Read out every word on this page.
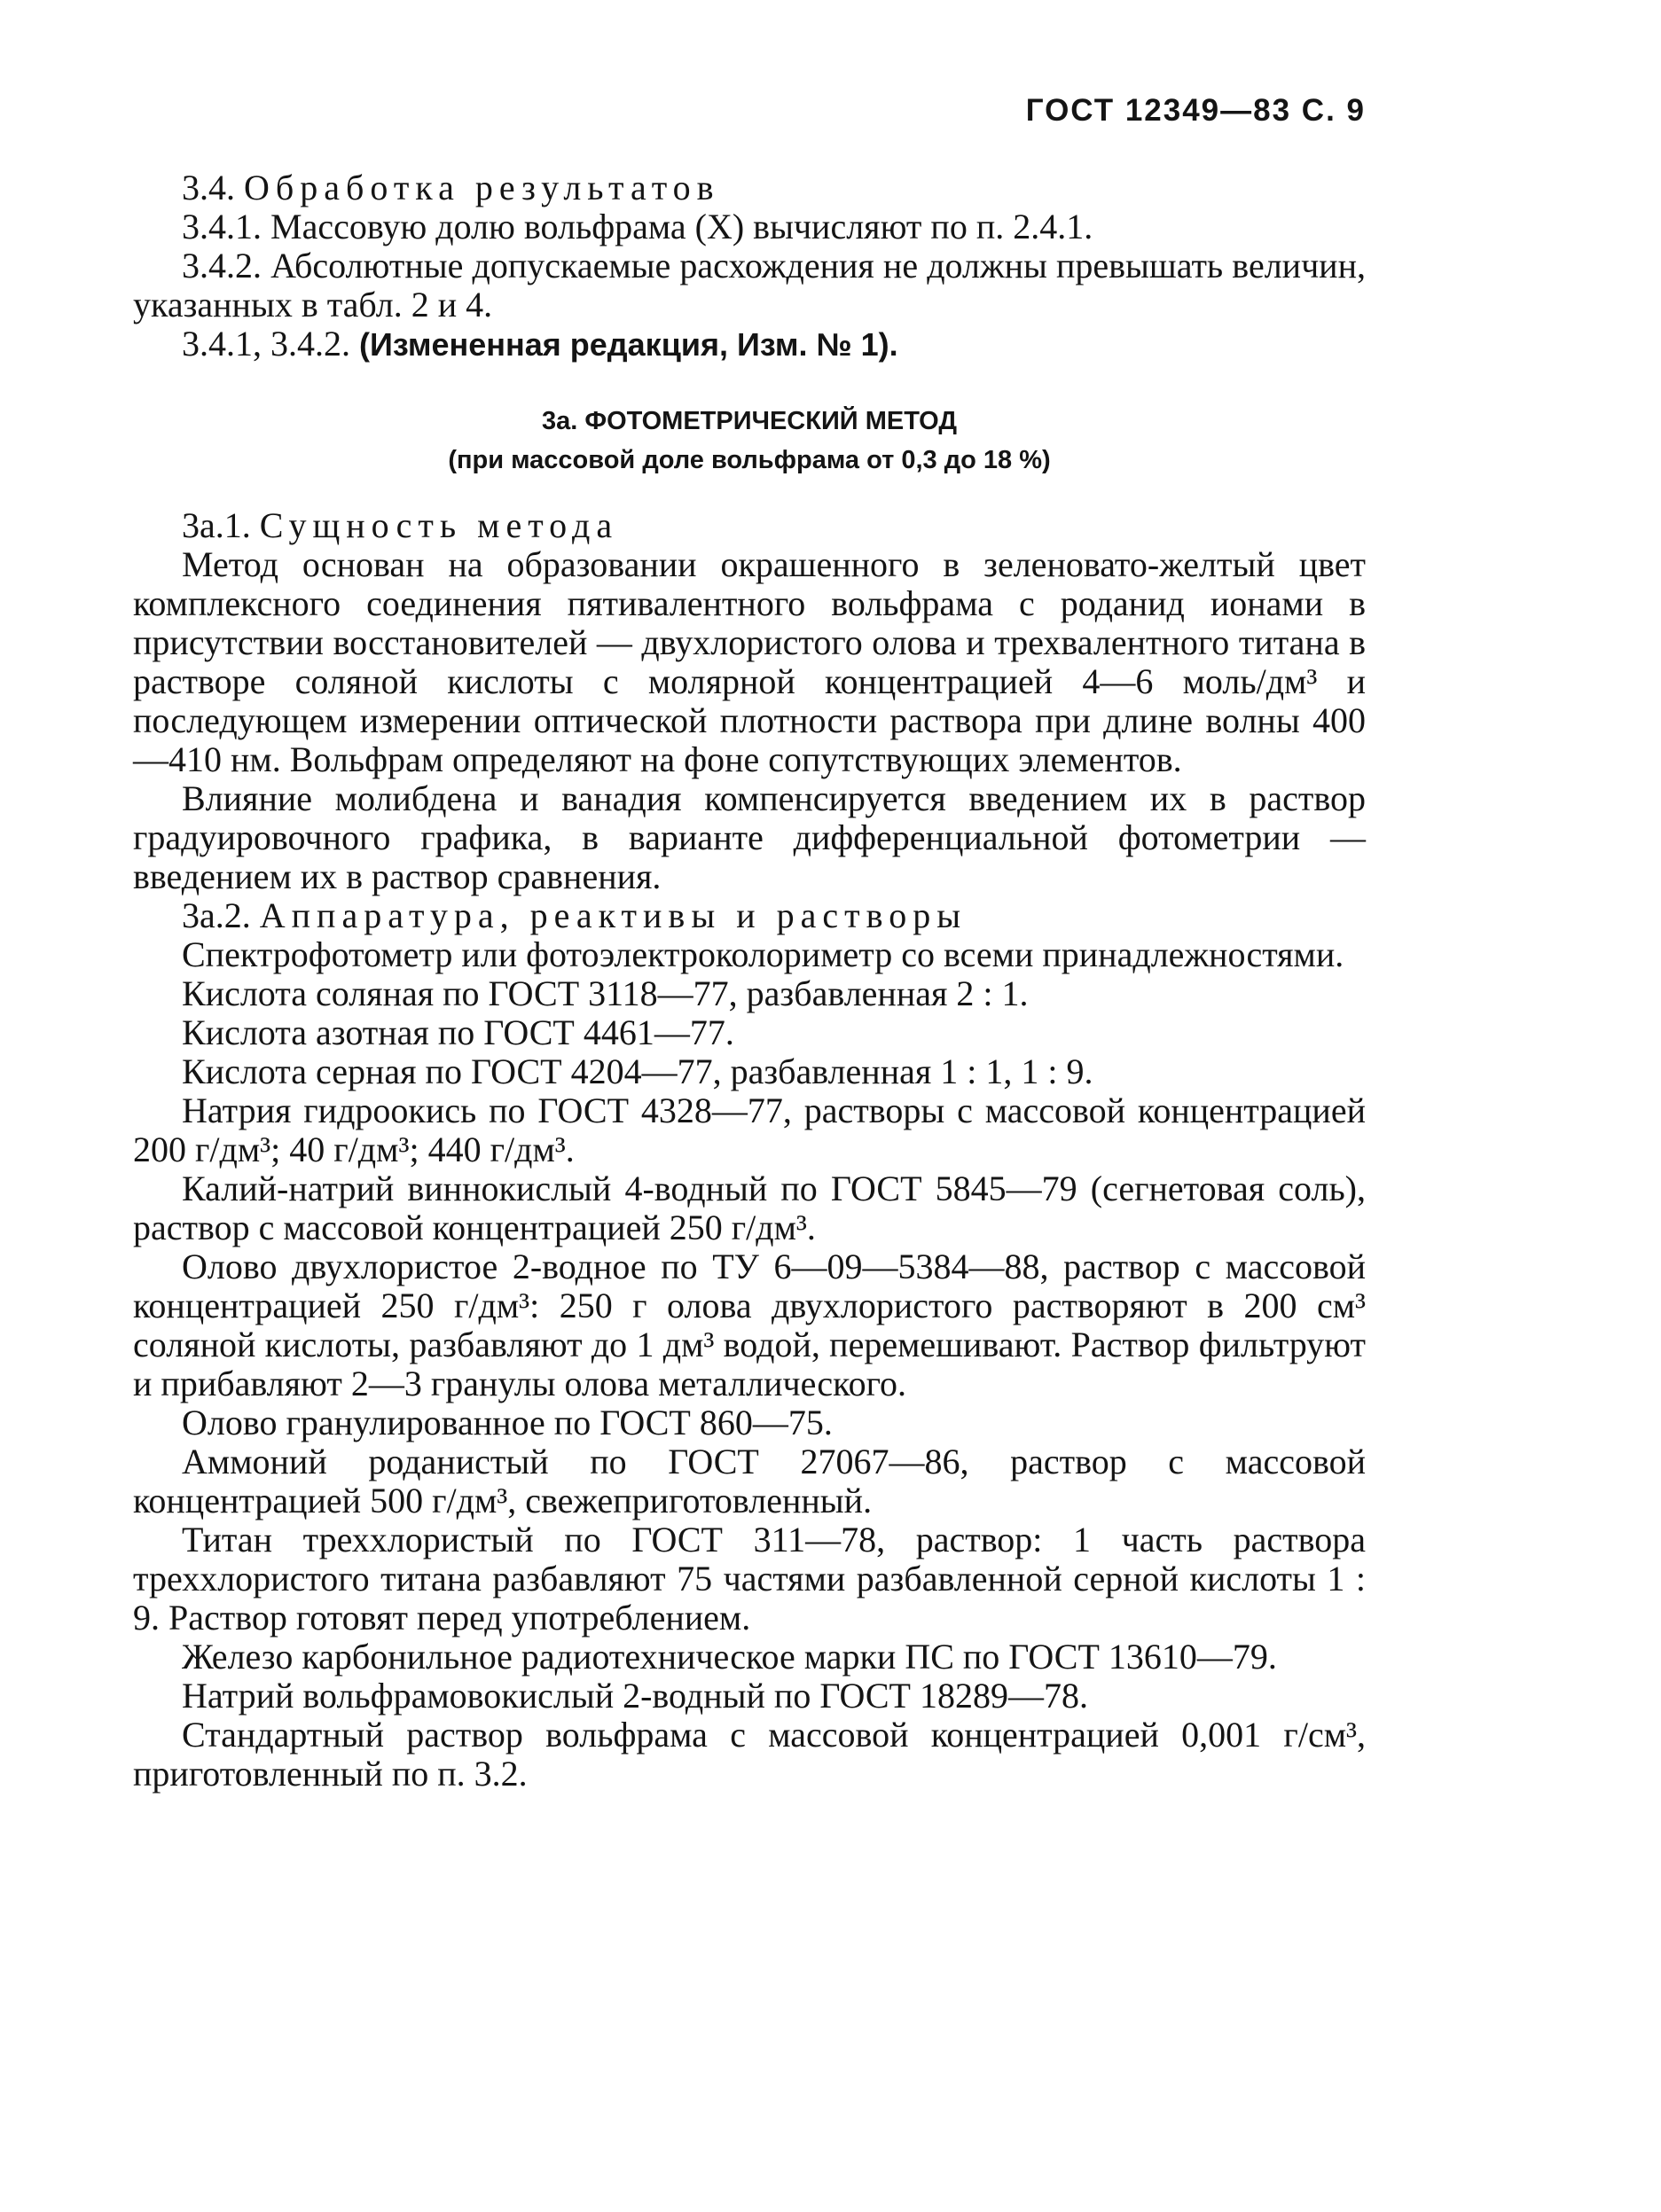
ГОСТ 12349—83 С. 9

3.4. Обработка результатов

3.4.1. Массовую долю вольфрама (X) вычисляют по п. 2.4.1.

3.4.2. Абсолютные допускаемые расхождения не должны превышать величин, указанных в табл. 2 и 4.

3.4.1, 3.4.2. (Измененная редакция, Изм. № 1).

3а. ФОТОМЕТРИЧЕСКИЙ МЕТОД

(при массовой доле вольфрама от 0,3 до 18 %)

3а.1. Сущность метода

Метод основан на образовании окрашенного в зеленовато-желтый цвет комплексного соединения пятивалентного вольфрама с роданид ионами в присутствии восстановителей — двухлористого олова и трехвалентного титана в растворе соляной кислоты с молярной концентрацией 4—6 моль/дм³ и последующем измерении оптической плотности раствора при длине волны 400—410 нм. Вольфрам определяют на фоне сопутствующих элементов.

Влияние молибдена и ванадия компенсируется введением их в раствор градуировочного графика, в варианте дифференциальной фотометрии — введением их в раствор сравнения.

3а.2. Аппаратура, реактивы и растворы

Спектрофотометр или фотоэлектроколориметр со всеми принадлежностями.

Кислота соляная по ГОСТ 3118—77, разбавленная 2 : 1.

Кислота азотная по ГОСТ 4461—77.

Кислота серная по ГОСТ 4204—77, разбавленная 1 : 1, 1 : 9.

Натрия гидроокись по ГОСТ 4328—77, растворы с массовой концентрацией 200 г/дм³; 40 г/дм³; 440 г/дм³.

Калий-натрий виннокислый 4-водный по ГОСТ 5845—79 (сегнетовая соль), раствор с массовой концентрацией 250 г/дм³.

Олово двухлористое 2-водное по ТУ 6—09—5384—88, раствор с массовой концентрацией 250 г/дм³: 250 г олова двухлористого растворяют в 200 см³ соляной кислоты, разбавляют до 1 дм³ водой, перемешивают. Раствор фильтруют и прибавляют 2—3 гранулы олова металлического.

Олово гранулированное по ГОСТ 860—75.

Аммоний роданистый по ГОСТ 27067—86, раствор с массовой концентрацией 500 г/дм³, свежеприготовленный.

Титан треххлористый по ГОСТ 311—78, раствор: 1 часть раствора треххлористого титана разбавляют 75 частями разбавленной серной кислоты 1 : 9. Раствор готовят перед употреблением.

Железо карбонильное радиотехническое марки ПС по ГОСТ 13610—79.

Натрий вольфрамовокислый 2-водный по ГОСТ 18289—78.

Стандартный раствор вольфрама с массовой концентрацией 0,001 г/см³, приготовленный по п. 3.2.
